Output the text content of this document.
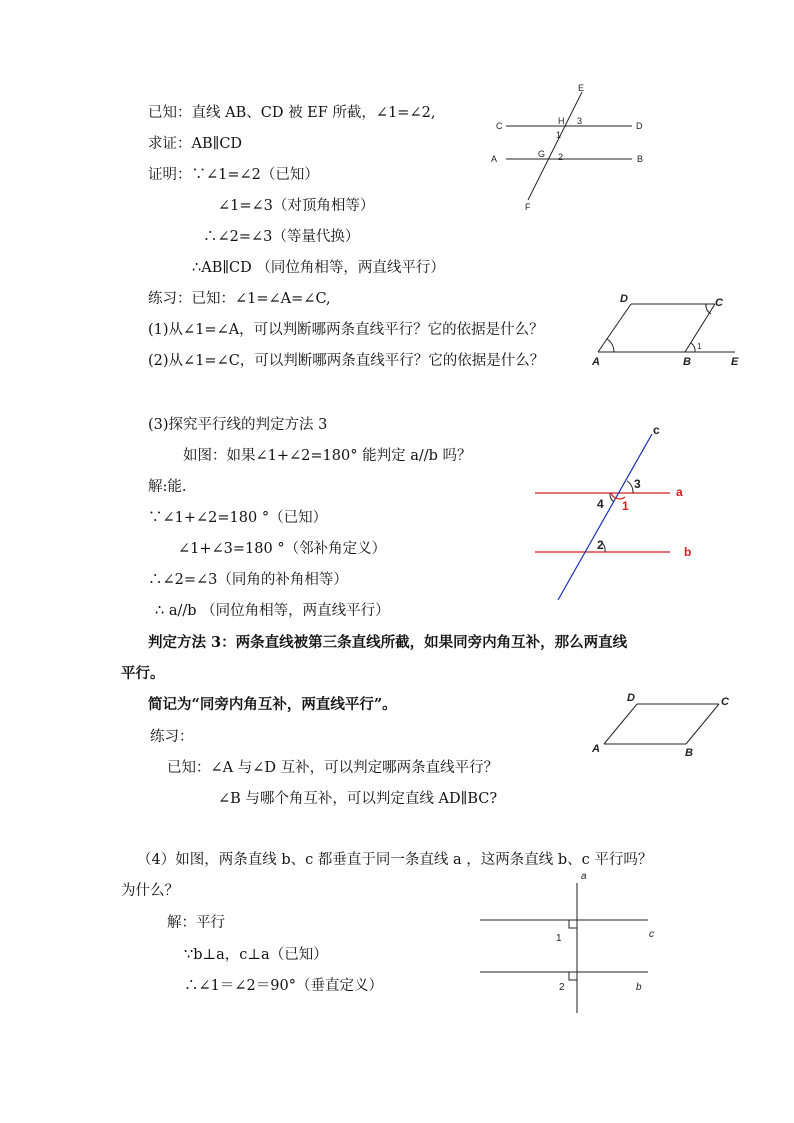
已知：直线 AB、CD 被 EF 所截，∠1=∠2,
求证：AB∥CD
证明：∵∠1=∠2（已知）
∠1=∠3（对顶角相等）
∴∠2=∠3（等量代换）
∴AB∥CD （同位角相等，两直线平行）
E
C	H 3	D
1
A	G 2	B
F
练习：已知：∠1=∠A=∠C,
(1)从∠1=∠A，可以判断哪两条直线平行？它的依据是什么？
(2)从∠1=∠C，可以判断哪两条直线平行？它的依据是什么？
D	C
A	B	E
1
(3)探究平行线的判定方法 3
如图：如果∠1+∠2=180° 能判定 a//b 吗？
解:能.
∵∠1+∠2=180 °（已知）
∠1+∠3=180 °（邻补角定义）
∴∠2=∠3（同角的补角相等）
∴ a//b （同位角相等，两直线平行）
c
3
4 1
a
2	b
判定方法 3：两条直线被第三条直线所截，如果同旁内角互补，那么两直线
平行。
简记为“同旁内角互补，两直线平行”。
练习：
已知：∠A 与∠D 互补，可以判定哪两条直线平行？
∠B 与哪个角互补，可以判定直线 AD∥BC?
D	C
A	B
（4）如图，两条直线 b、c 都垂直于同一条直线 a ，这两条直线 b、c 平行吗？
为什么？
解：平行
∵b⊥a，c⊥a（已知）
∴∠1＝∠2＝90°（垂直定义）
a
1	c
2	b
